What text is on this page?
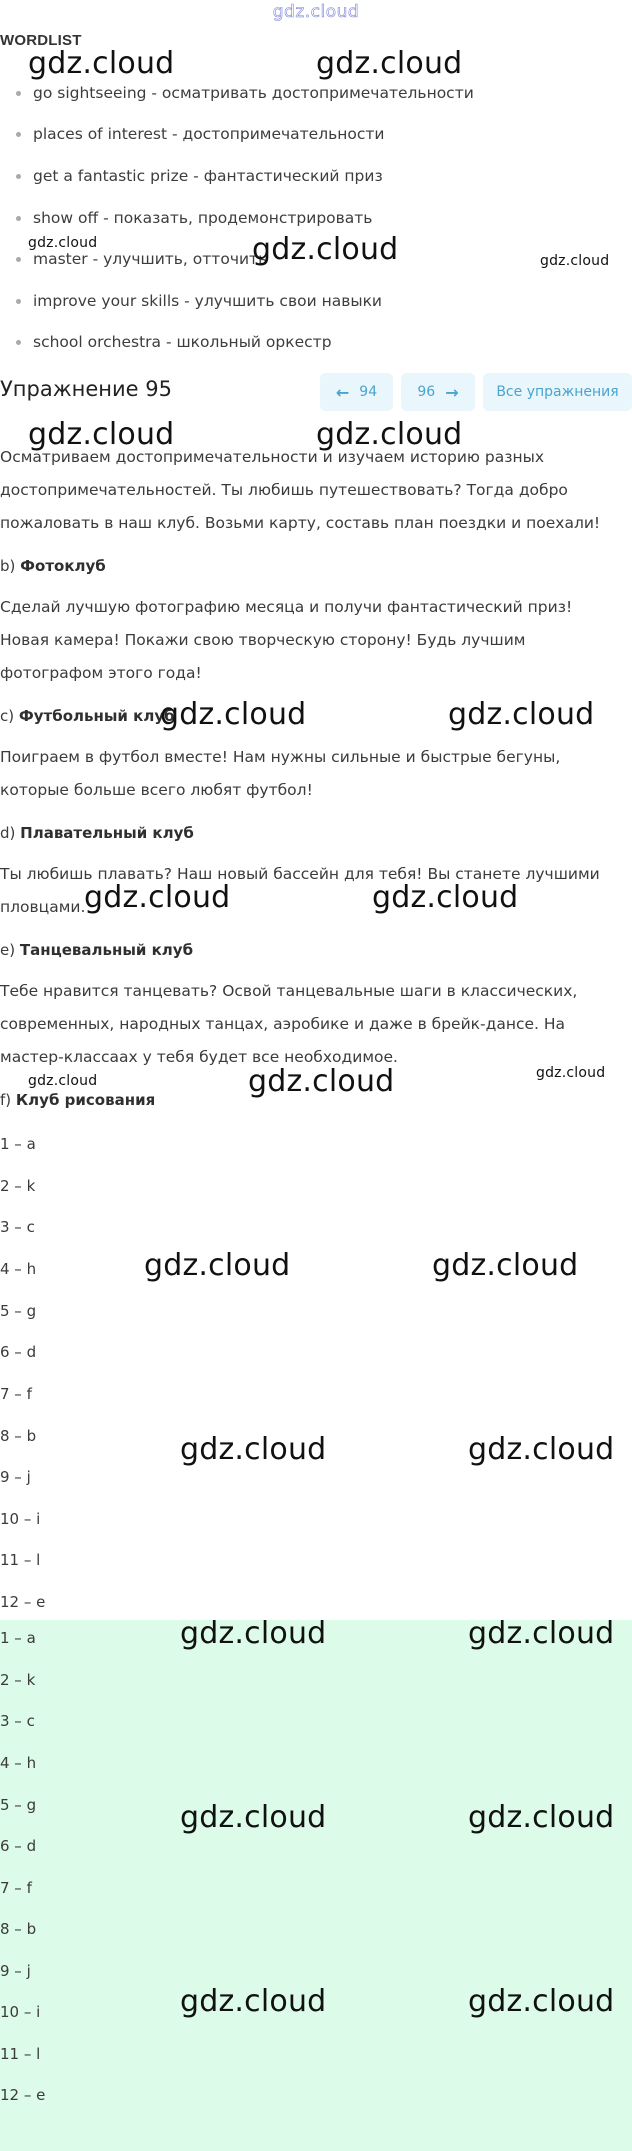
gdz.cloud
WORDLIST
go sightseeing - осматривать достопримечательности
places of interest - достопримечательности
get a fantastic prize - фантастический приз
show off - показать, продемонстрировать
master - улучшить, отточить
improve your skills - улучшить свои навыки
school orchestra - школьный оркестр
Упражнение 95	← 94	96 →	Все упражнения
Осматриваем достопримечательности и изучаем историю разных достопримечательностей. Ты любишь путешествовать? Тогда добро пожаловать в наш клуб. Возьми карту, составь план поездки и поехали!
b) Фотоклуб
Сделай лучшую фотографию месяца и получи фантастический приз! Новая камера! Покажи свою творческую сторону! Будь лучшим фотографом этого года!
c) Футбольный клуб
Поиграем в футбол вместе! Нам нужны сильные и быстрые бегуны, которые больше всего любят футбол!
d) Плавательный клуб
Ты любишь плавать? Наш новый бассейн для тебя! Вы станете лучшими пловцами.
e) Танцевальный клуб
Тебе нравится танцевать? Освой танцевальные шаги в классических, современных, народных танцах, аэробике и даже в брейк-дансе. На мастер-классаах у тебя будет все необходимое.
f) Клуб рисования
1 – a
2 – k
3 – c
4 – h
5 – g
6 – d
7 – f
8 – b
9 – j
10 – i
11 – l
12 – e
1 – a
2 – k
3 – c
4 – h
5 – g
6 – d
7 – f
8 – b
9 – j
10 – i
11 – l
12 – e
gdz.cloud	gdz.cloud
gdz.cloud	gdz.cloud	gdz.cloud
gdz.cloud	gdz.cloud
gdz.cloud	gdz.cloud
gdz.cloud	gdz.cloud
gdz.cloud	gdz.cloud	gdz.cloud
gdz.cloud	gdz.cloud
gdz.cloud	gdz.cloud
gdz.cloud	gdz.cloud
gdz.cloud	gdz.cloud
gdz.cloud	gdz.cloud
